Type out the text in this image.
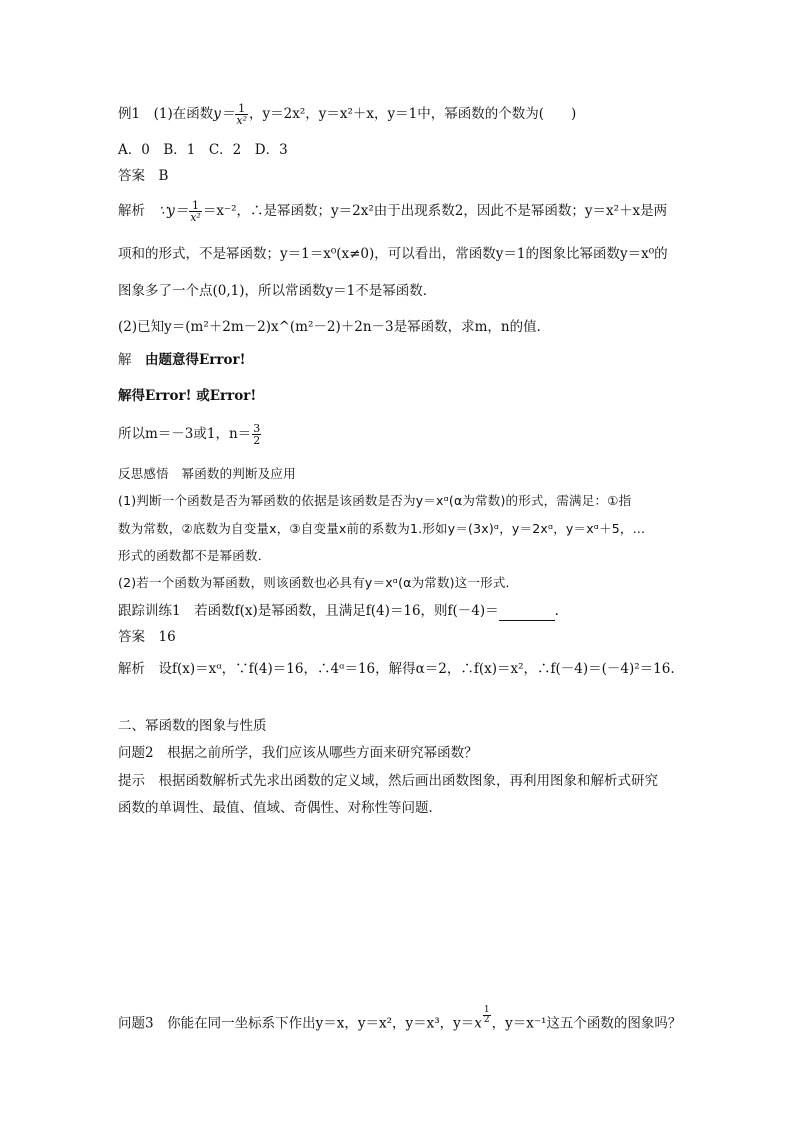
例1　 (1)在函数$y= \frac{1}{\text{x²}}$ ，y＝2x²，y＝x²＋x，y＝1中，幂函数的个数为(　　)
A．0　B．1　C．2　D．3
答案　 B
解析　 ∵y＝ $\frac{1}{\text{x²}} =x^{-2}$，∴是幂函数；y＝2x²由于出现系数2，因此不是幂函数；y＝x²＋x是两
项和的形式，不是幂函数；y＝1＝x⁰(x≠0)，可以看出，常函数y＝1的图象比幂函数y＝x⁰的
图象多了一个点(0,1)，所以常函数y＝1不是幂函数．
(2)已知y＝(m²＋2m－2)x^(m²－2)＋2n－3是幂函数，求m，n的值．
解　 由题意得Error!
解得Error! 或Error!
所以m＝－3或1，$n= \frac{3}{2}$
反思感悟　幂函数的判断及应用
(1)判断一个函数是否为幂函数的依据是该函数是否为y＝xᵅ(α为常数)的形式，需满足：①指
数为常数，②底数为自变量x，③自变量x前的系数为1.形如y＝(3x)ᵅ，y＝2xᵅ，y＝xᵅ＋5，…
形式的函数都不是幂函数．
(2)若一个函数为幂函数，则该函数也必具有y＝xᵅ(α为常数)这一形式．
跟踪训练1　 若函数f(x)是幂函数，且满足f(4)＝16，则f(－4)＝	.
答案　 16
解析　 设f(x)＝xᵅ，∵f(4)＝16，∴4ᵅ＝16，解得α＝2，∴f(x)＝x²，∴f(－4)＝(－4)²＝16.
二、幂函数的图象与性质
问题2　 根据之前所学，我们应该从哪些方面来研究幂函数？
提示　 根据函数解析式先求出函数的定义域，然后画出函数图象，再利用图象和解析式研究
函数的单调性、最值、值域、奇偶性、对称性等问题．
问题3　 你能在同一坐标系下作出y＝x，y＝x²，y＝x³，$y=x \frac{1}{2}$ ，y＝x⁻¹这五个函数的图象吗？
